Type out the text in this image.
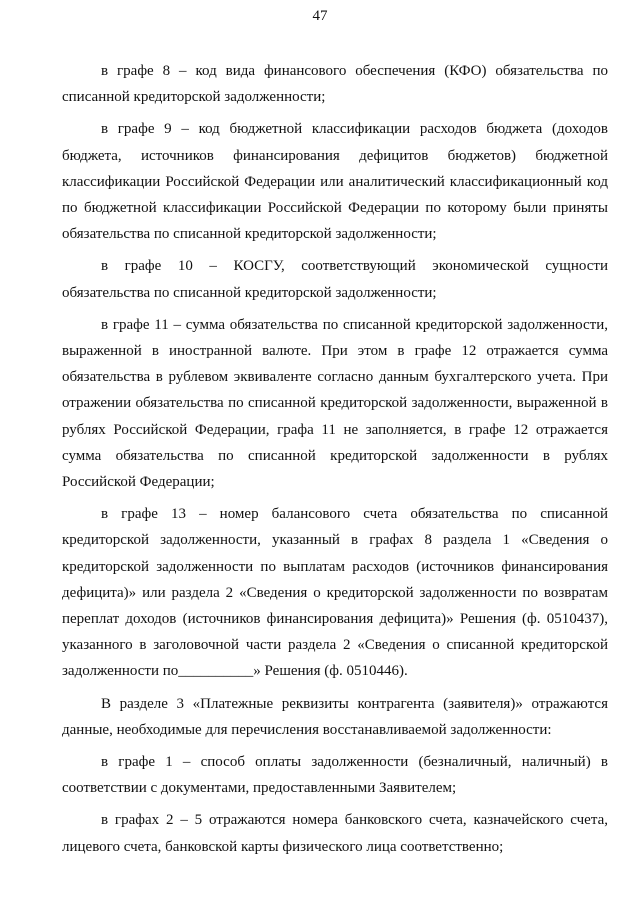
47

в графе 8 – код вида финансового обеспечения (КФО) обязательства по списанной кредиторской задолженности;

в графе 9 – код бюджетной классификации расходов бюджета (доходов бюджета, источников финансирования дефицитов бюджетов) бюджетной классификации Российской Федерации или аналитический классификационный код по бюджетной классификации Российской Федерации по которому были приняты обязательства по списанной кредиторской задолженности;

в графе 10 – КОСГУ, соответствующий экономической сущности обязательства по списанной кредиторской задолженности;

в графе 11 – сумма обязательства по списанной кредиторской задолженности, выраженной в иностранной валюте. При этом в графе 12 отражается сумма обязательства в рублевом эквиваленте согласно данным бухгалтерского учета. При отражении обязательства по списанной кредиторской задолженности, выраженной в рублях Российской Федерации, графа 11 не заполняется, в графе 12 отражается сумма обязательства по списанной кредиторской задолженности в рублях Российской Федерации;

в графе 13 – номер балансового счета обязательства по списанной кредиторской задолженности, указанный в графах 8 раздела 1 «Сведения о кредиторской задолженности по выплатам расходов (источников финансирования дефицита)» или раздела 2 «Сведения о кредиторской задолженности по возвратам переплат доходов (источников финансирования дефицита)» Решения (ф. 0510437), указанного в заголовочной части раздела 2 «Сведения о списанной кредиторской задолженности по__________» Решения (ф. 0510446).

В разделе 3 «Платежные реквизиты контрагента (заявителя)» отражаются данные, необходимые для перечисления восстанавливаемой задолженности:

в графе 1 – способ оплаты задолженности (безналичный, наличный) в соответствии с документами, предоставленными Заявителем;

в графах 2 – 5 отражаются номера банковского счета, казначейского счета, лицевого счета, банковской карты физического лица соответственно;
